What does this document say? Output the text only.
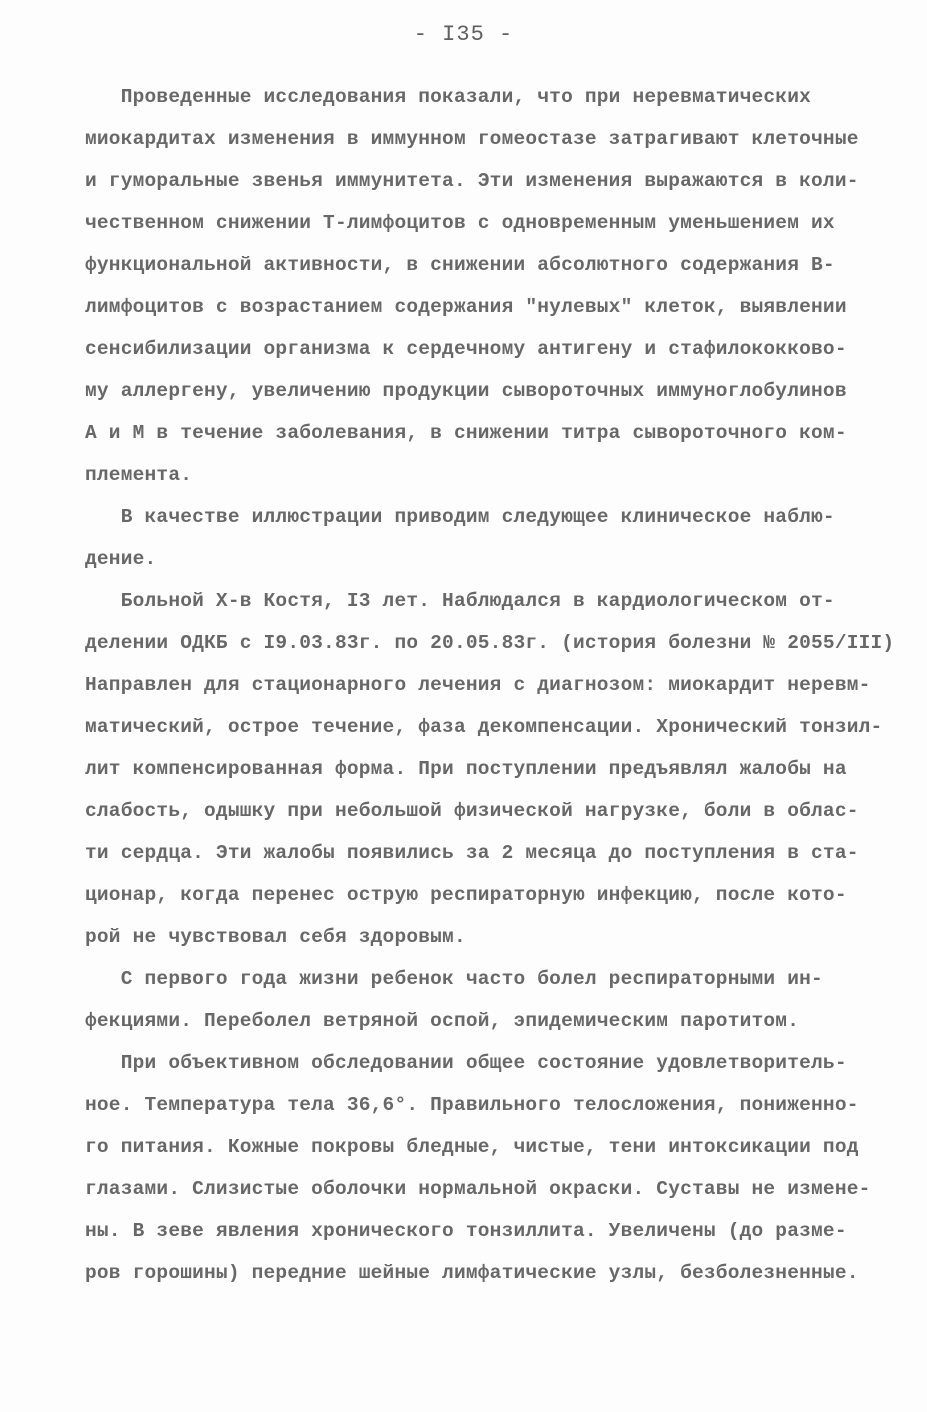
- I35 -
Проведенные исследования показали, что при неревматических
миокардитах изменения в иммунном гомеостазе затрагивают клеточные
и гуморальные звенья иммунитета. Эти изменения выражаются в коли-
чественном снижении Т-лимфоцитов с одновременным уменьшением их
функциональной активности, в снижении абсолютного содержания В-
лимфоцитов с возрастанием содержания "нулевых" клеток, выявлении
сенсибилизации организма к сердечному антигену и стафилококково-
му аллергену, увеличению продукции сывороточных иммуноглобулинов
А и М в течение заболевания, в снижении титра сывороточного ком-
племента.
В качестве иллюстрации приводим следующее клиническое наблю-
дение.
Больной Х-в Костя, I3 лет. Наблюдался в кардиологическом от-
делении ОДКБ с I9.03.83г. по 20.05.83г. (история болезни № 2055/III)
Направлен для стационарного лечения с диагнозом: миокардит неревм-
матический, острое течение, фаза декомпенсации. Хронический тонзил-
лит компенсированная форма. При поступлении предъявлял жалобы на
слабость, одышку при небольшой физической нагрузке, боли в облас-
ти сердца. Эти жалобы появились за 2 месяца до поступления в ста-
ционар, когда перенес острую респираторную инфекцию, после кото-
рой не чувствовал себя здоровым.
С первого года жизни ребенок часто болел респираторными ин-
фекциями. Переболел ветряной оспой, эпидемическим паротитом.
При объективном обследовании общее состояние удовлетворитель-
ное. Температура тела 36,6°. Правильного телосложения, пониженно-
го питания. Кожные покровы бледные, чистые, тени интоксикации под
глазами. Слизистые оболочки нормальной окраски. Суставы не измене-
ны. В зеве явления хронического тонзиллита. Увеличены (до разме-
ров горошины) передние шейные лимфатические узлы, безболезненные.
